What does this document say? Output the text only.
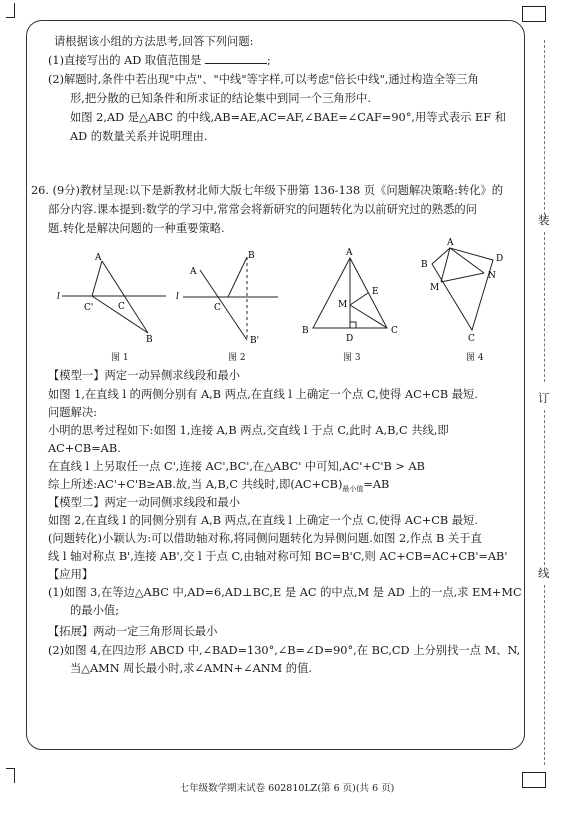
装
订
线
请根据该小组的方法思考,回答下列问题:
(1)直接写出的 AD 取值范围是	;
(2)解题时,条件中若出现"中点"、"中线"等字样,可以考虑"倍长中线",通过构造全等三角
形,把分散的已知条件和所求证的结论集中到同一个三角形中.
如图 2,AD 是△ABC 的中线,AB=AE,AC=AF,∠BAE=∠CAF=90°,用等式表示 EF 和
AD 的数量关系并说明理由.
26. (9分)教材呈现:以下是新教材北师大版七年级下册第 136-138 页《问题解决策略:转化》的
部分内容.课本提到:数学的学习中,常常会将新研究的问题转化为以前研究过的熟悉的问
题.转化是解决问题的一种重要策略.
A
l
C'	C
B
A
B
l
C
B'
A
E
M
B
D
C
A
B
D
N
M
C
图 1	图 2	图 3	图 4
【模型一】两定一动异侧求线段和最小
如图 1,在直线 l 的两侧分别有 A,B 两点,在直线 l 上确定一个点 C,使得 AC+CB 最短.
问题解决:
小明的思考过程如下:如图 1,连接 A,B 两点,交直线 l 于点 C,此时 A,B,C 共线,即
AC+CB=AB.
在直线 l 上另取任一点 C',连接 AC',BC',在△ABC' 中可知,AC'+C'B > AB
综上所述:AC'+C'B≥AB.故,当 A,B,C 共线时,即$(AC+CB)_{最小值}=AB$
【模型二】两定一动同侧求线段和最小
如图 2,在直线 l 的同侧分别有 A,B 两点,在直线 l 上确定一个点 C,使得 AC+CB 最短.
(问题转化)小颖认为:可以借助轴对称,将同侧问题转化为异侧问题.如图 2,作点 B 关于直
线 l 轴对称点 B',连接 AB',交 l 于点 C,由轴对称可知 BC=B'C,则 AC+CB=AC+CB'=AB'
【应用】
(1)如图 3,在等边△ABC 中,AD=6,AD⊥BC,E 是 AC 的中点,M 是 AD 上的一点,求 EM+MC
的最小值;
【拓展】两动一定三角形周长最小
(2)如图 4,在四边形 ABCD 中,∠BAD=130°,∠B=∠D=90°,在 BC,CD 上分别找一点 M、N,
当△AMN 周长最小时,求∠AMN+∠ANM 的值.
七年级数学期末试卷 602810LZ(第 6 页)(共 6 页)
